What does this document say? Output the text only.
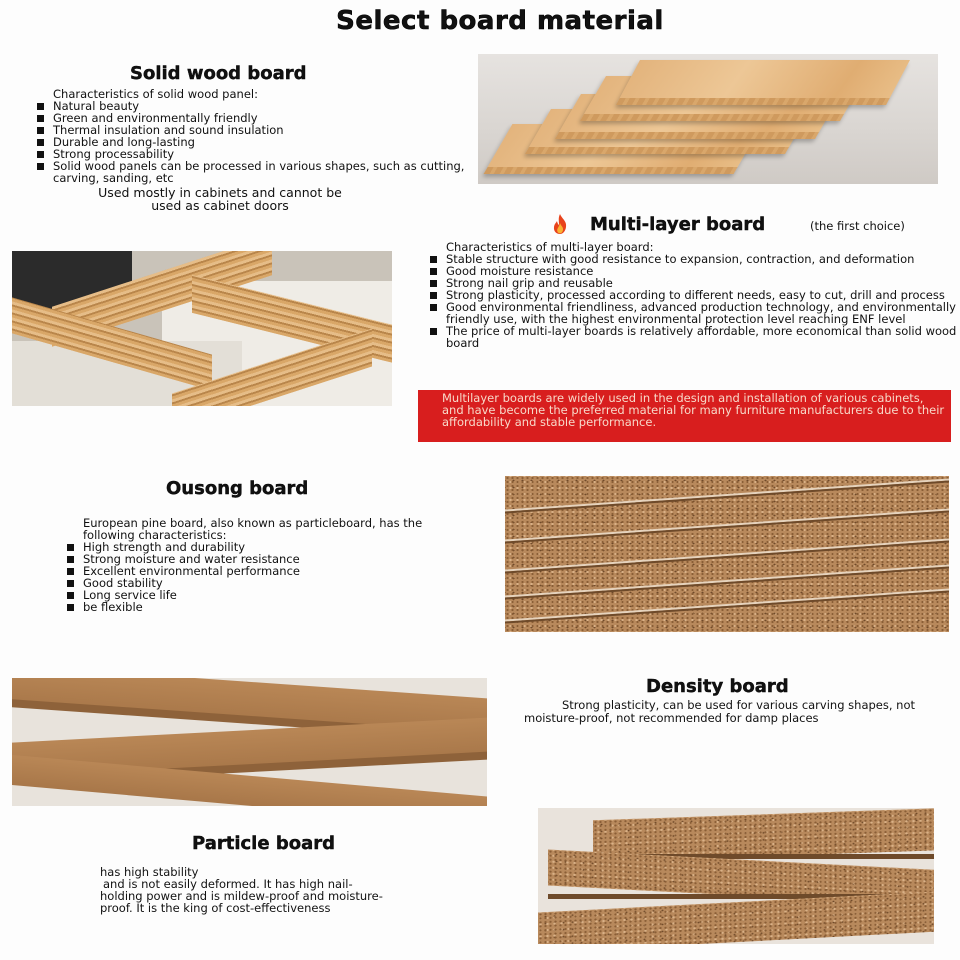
Select board material
Solid wood board
Characteristics of solid wood panel:
Natural beauty
Green and environmentally friendly
Thermal insulation and sound insulation
Durable and long-lasting
Strong processability
Solid wood panels can be processed in various shapes, such as cutting, carving, sanding, etc
Used mostly in cabinets and cannot be
used as cabinet doors
Multi-layer board	(the first choice)
Characteristics of multi-layer board:
Stable structure with good resistance to expansion, contraction, and deformation
Good moisture resistance
Strong nail grip and reusable
Strong plasticity, processed according to different needs, easy to cut, drill and process
Good environmental friendliness, advanced production technology, and environmentally friendly use, with the highest environmental protection level reaching ENF level
The price of multi-layer boards is relatively affordable, more economical than solid wood board
Multilayer boards are widely used in the design and installation of various cabinets, and have become the preferred material for many furniture manufacturers due to their affordability and stable performance.
Ousong board
European pine board, also known as particleboard, has the following characteristics:
High strength and durability
Strong moisture and water resistance
Excellent environmental performance
Good stability
Long service life
be flexible
Density board
Strong plasticity, can be used for various carving shapes, not moisture-proof, not recommended for damp places
Particle board
has high stability
and is not easily deformed. It has high nail-holding power and is mildew-proof and moisture-proof. It is the king of cost-effectiveness
